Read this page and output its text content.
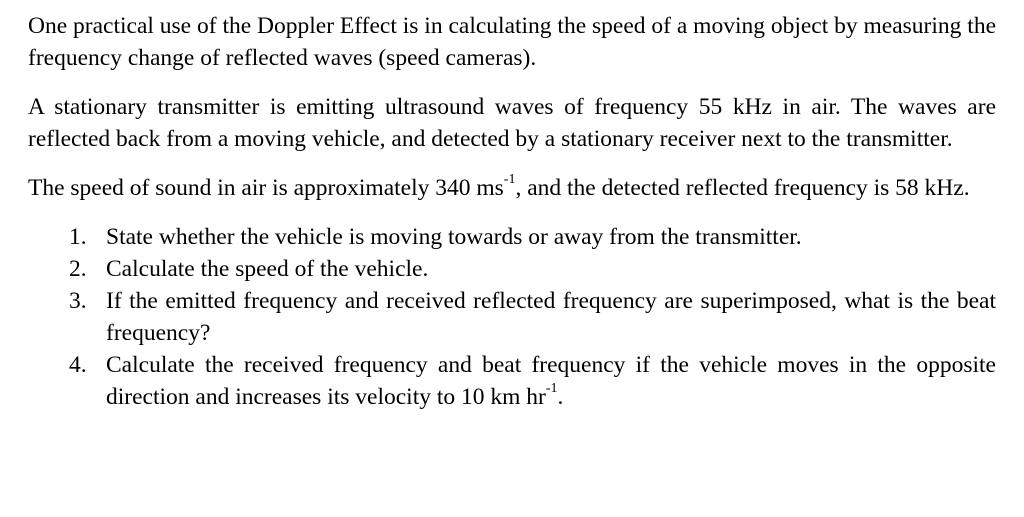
One practical use of the Doppler Effect is in calculating the speed of a moving object by measuring the frequency change of reflected waves (speed cameras).

A stationary transmitter is emitting ultrasound waves of frequency 55 kHz in air. The waves are reflected back from a moving vehicle, and detected by a stationary receiver next to the transmitter.

The speed of sound in air is approximately 340 $ms^{-1}$, and the detected reflected frequency is 58 kHz.

1. State whether the vehicle is moving towards or away from the transmitter.
2. Calculate the speed of the vehicle.
3. If the emitted frequency and received reflected frequency are superimposed, what is the beat frequency?
4. Calculate the received frequency and beat frequency if the vehicle moves in the opposite direction and increases its velocity to 10 km $hr^{-1}$.
